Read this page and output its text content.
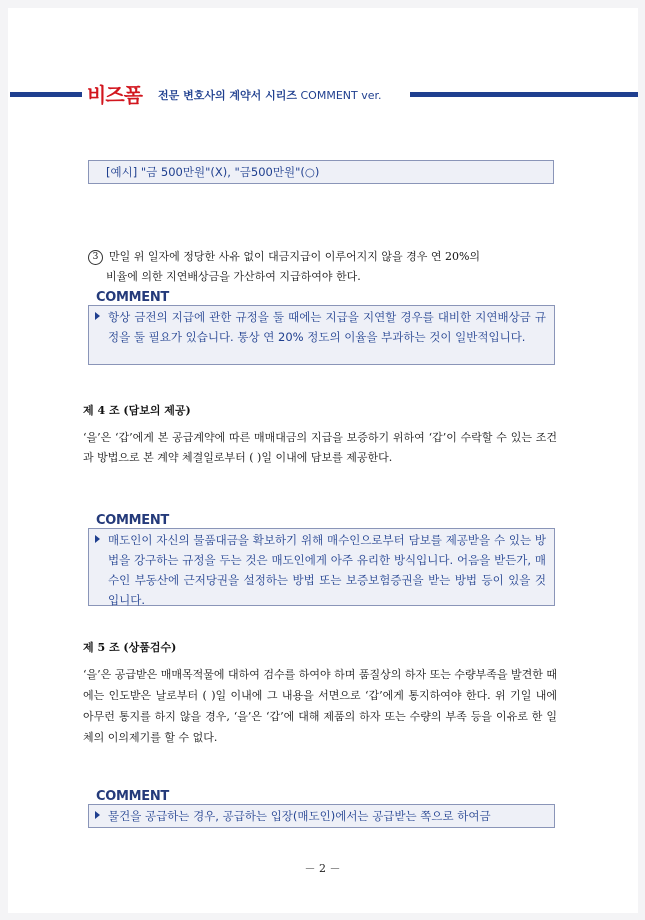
비즈폼 전문 변호사의 계약서 시리즈 COMMENT ver.
[예시] "금 500만원"(X), "금500만원"(○)
3 만일 위 일자에 정당한 사유 없이 대금지급이 이루어지지 않을 경우 연 20%의
비율에 의한 지연배상금을 가산하여 지급하여야 한다.
COMMENT
항상 금전의 지급에 관한 규정을 둘 때에는 지급을 지연할 경우를 대비한 지연배상금 규정을 둘 필요가 있습니다. 통상 연 20% 정도의 이율을 부과하는 것이 일반적입니다.
제 4 조 (담보의 제공)
‘을’은 ‘갑’에게 본 공급계약에 따른 매매대금의 지급을 보증하기 위하여 ‘갑’이 수락할 수 있는 조건과 방법으로 본 계약 체결일로부터 ( )일 이내에 담보를 제공한다.
COMMENT
매도인이 자신의 물품대금을 확보하기 위해 매수인으로부터 담보를 제공받을 수 있는 방법을 강구하는 규정을 두는 것은 매도인에게 아주 유리한 방식입니다. 어음을 받든가, 매수인 부동산에 근저당권을 설정하는 방법 또는 보증보험증권을 받는 방법 등이 있을 것입니다.
제 5 조 (상품검수)
‘을’은 공급받은 매매목적물에 대하여 검수를 하여야 하며 품질상의 하자 또는 수량부족을 발견한 때에는 인도받은 날로부터 ( )일 이내에 그 내용을 서면으로 ‘갑’에게 통지하여야 한다. 위 기일 내에 아무런 통지를 하지 않을 경우, ‘을’은 ‘갑’에 대해 제품의 하자 또는 수량의 부족 등을 이유로 한 일체의 이의제기를 할 수 없다.
COMMENT
물건을 공급하는 경우, 공급하는 입장(매도인)에서는 공급받는 쪽으로 하여금
－ 2 －
